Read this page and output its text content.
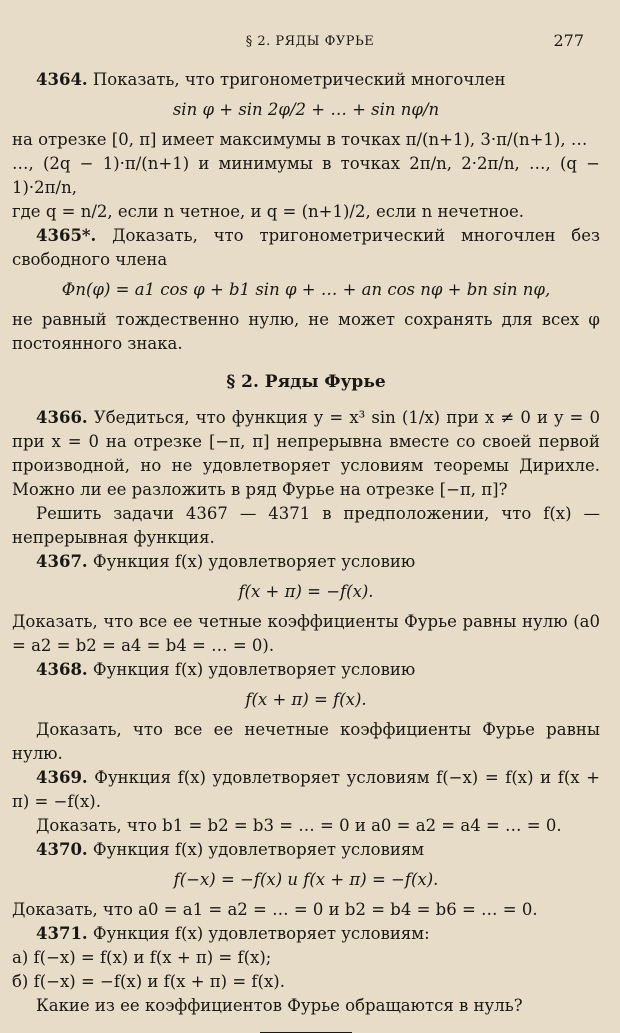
§ 2. РЯДЫ ФУРЬЕ	277

4364. Показать, что тригонометрический многочлен

sin φ + sin 2φ/2 + … + sin nφ/n

на отрезке [0, π] имеет максимумы в точках π/(n+1), 3·π/(n+1), …

…, (2q − 1)·π/(n+1) и минимумы в точках 2π/n, 2·2π/n, …, (q − 1)·2π/n,

где q = n/2, если n четное, и q = (n+1)/2, если n нечетное.

4365*. Доказать, что тригонометрический многочлен без свободного члена

Φn(φ) = a1 cos φ + b1 sin φ + … + an cos nφ + bn sin nφ,

не равный тождественно нулю, не может сохранять для всех φ постоянного знака.

§ 2. Ряды Фурье

4366. Убедиться, что функция y = x³ sin (1/x) при x ≠ 0 и y = 0 при x = 0 на отрезке [−π, π] непрерывна вместе со своей первой производной, но не удовлетворяет условиям теоремы Дирихле. Можно ли ее разложить в ряд Фурье на отрезке [−π, π]?

Решить задачи 4367 — 4371 в предположении, что f(x) — непрерывная функция.

4367. Функция f(x) удовлетворяет условию

f(x + π) = −f(x).

Доказать, что все ее четные коэффициенты Фурье равны нулю (a0 = a2 = b2 = a4 = b4 = … = 0).

4368. Функция f(x) удовлетворяет условию

f(x + π) = f(x).

Доказать, что все ее нечетные коэффициенты Фурье равны нулю.

4369. Функция f(x) удовлетворяет условиям f(−x) = f(x) и f(x + π) = −f(x).

Доказать, что b1 = b2 = b3 = … = 0 и a0 = a2 = a4 = … = 0.

4370. Функция f(x) удовлетворяет условиям

f(−x) = −f(x) и f(x + π) = −f(x).

Доказать, что a0 = a1 = a2 = … = 0 и b2 = b4 = b6 = … = 0.

4371. Функция f(x) удовлетворяет условиям:

а) f(−x) = f(x) и f(x + π) = f(x);

б) f(−x) = −f(x) и f(x + π) = f(x).

Какие из ее коэффициентов Фурье обращаются в нуль?
